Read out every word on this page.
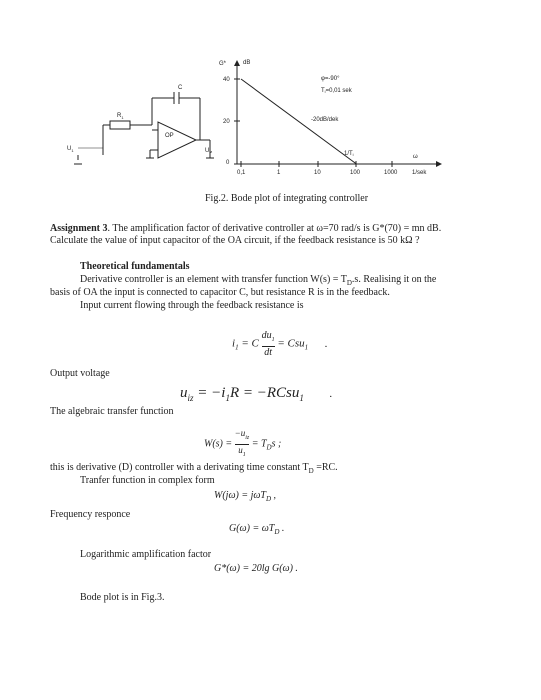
$R_1$
C
OP
$U_1$	Uiz
G*	dB
40
20
0
0,1	1	10	100	1000 1/sek
ω
φ=-90°
Ti=0,01 sek
-20dB/dek
1/Ti
Fig.2. Bode plot of integrating controller
Assignment 3. The amplification factor of derivative controller at ω=70 rad/s is G*(70) = mn dB.
Calculate the value of input capacitor of the OA circuit, if the feedback resistance is 50 kΩ ?
Theoretical fundamentals
Derivative controller is an element with transfer function $W(s) = T_D.s$. Realising it on the
basis of OA the input is connected to capacitor C, but resistance R is in the feedback.
Input current flowing through the feedback resistance is
$i_1 = C \frac{du_1}{dt} = Csu_1$ .
Output voltage
$u_{iz} = -i_1R$ = −RCsu$_1$ .
The algebraic transfer function
W(s) =
$-u_{iz}$
$u_1$
= $T_Ds$ ;
this is derivative (D) controller with a derivating time constant $T_D =RC$.
Tranfer function in complex form
W(jω) = jωT$_D$ ,
Frequency responce
$G(\omega) = \omega T_D$ .
Logarithmic amplification factor
G*(ω) = 20lg G(ω) .
Bode plot is in Fig.3.
